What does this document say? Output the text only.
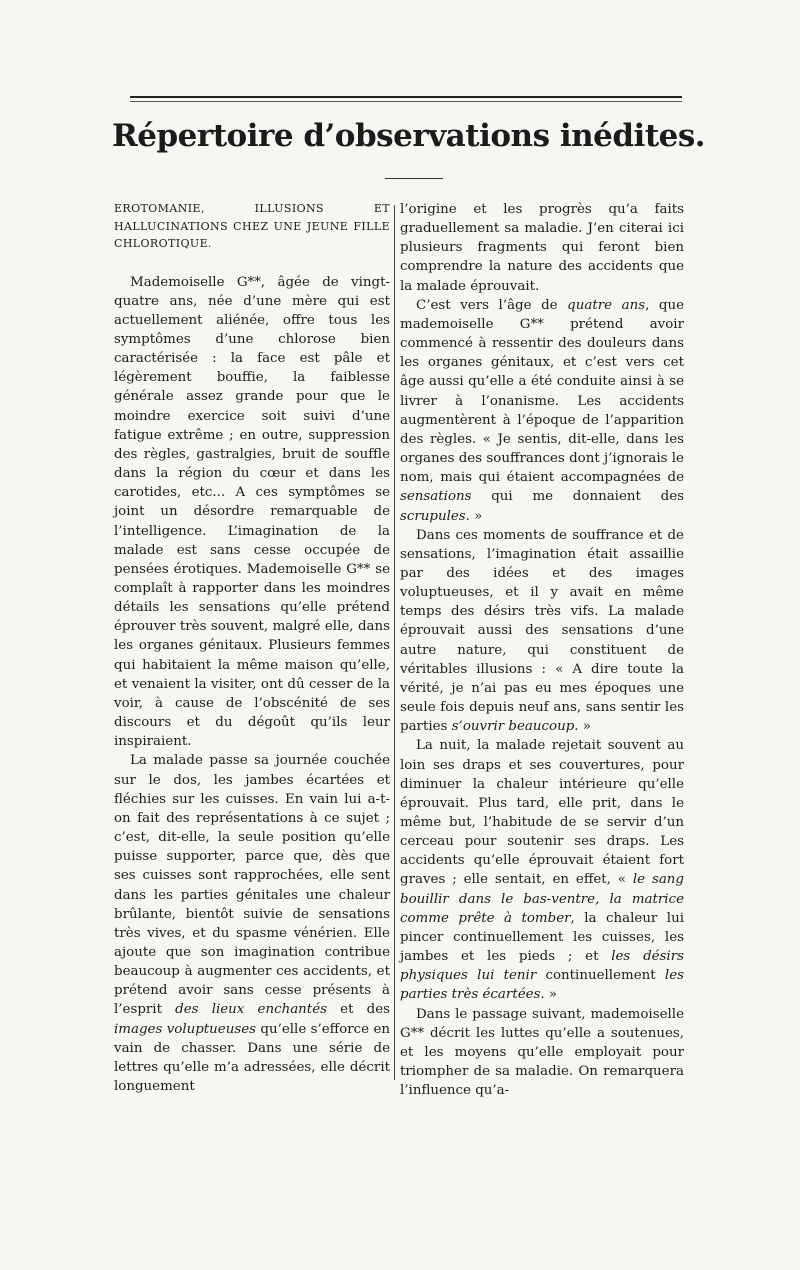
Répertoire d’observations inédites.
EROTOMANIE, ILLUSIONS ET HALLUCINATIONS CHEZ UNE JEUNE FILLE CHLOROTIQUE.

Mademoiselle G**, âgée de vingt-quatre ans, née d’une mère qui est actuellement aliénée, offre tous les symptômes d’une chlorose bien caractérisée : la face est pâle et légèrement bouffie, la faiblesse générale assez grande pour que le moindre exercice soit suivi d’une fatigue extrême ; en outre, suppression des règles, gastralgies, bruit de souffle dans la région du cœur et dans les carotides, etc... A ces symptômes se joint un désordre remarquable de l’intelligence. L’imagination de la malade est sans cesse occupée de pensées érotiques. Mademoiselle G** se complaît à rapporter dans les moindres détails les sensations qu’elle prétend éprouver très souvent, malgré elle, dans les organes génitaux. Plusieurs femmes qui habitaient la même maison qu’elle, et venaient la visiter, ont dû cesser de la voir, à cause de l’obscénité de ses discours et du dégoût qu’ils leur inspiraient.

La malade passe sa journée couchée sur le dos, les jambes écartées et fléchies sur les cuisses. En vain lui a-t-on fait des représentations à ce sujet ; c’est, dit-elle, la seule position qu’elle puisse supporter, parce que, dès que ses cuisses sont rapprochées, elle sent dans les parties génitales une chaleur brûlante, bientôt suivie de sensations très vives, et du spasme vénérien. Elle ajoute que son imagination contribue beaucoup à augmenter ces accidents, et prétend avoir sans cesse présents à l’esprit des lieux enchantés et des images voluptueuses qu’elle s’efforce en vain de chasser. Dans une série de lettres qu’elle m’a adressées, elle décrit longuement

l’origine et les progrès qu’a faits graduellement sa maladie. J’en citerai ici plusieurs fragments qui feront bien comprendre la nature des accidents que la malade éprouvait.

C’est vers l’âge de quatre ans, que mademoiselle G** prétend avoir commencé à ressentir des douleurs dans les organes génitaux, et c’est vers cet âge aussi qu’elle a été conduite ainsi à se livrer à l’onanisme. Les accidents augmentèrent à l’époque de l’apparition des règles. « Je sentis, dit-elle, dans les organes des souffrances dont j’ignorais le nom, mais qui étaient accompagnées de sensations qui me donnaient des scrupules. »

Dans ces moments de souffrance et de sensations, l’imagination était assaillie par des idées et des images voluptueuses, et il y avait en même temps des désirs très vifs. La malade éprouvait aussi des sensations d’une autre nature, qui constituent de véritables illusions : « A dire toute la vérité, je n’ai pas eu mes époques une seule fois depuis neuf ans, sans sentir les parties s’ouvrir beaucoup. »

La nuit, la malade rejetait souvent au loin ses draps et ses couvertures, pour diminuer la chaleur intérieure qu’elle éprouvait. Plus tard, elle prit, dans le même but, l’habitude de se servir d’un cerceau pour soutenir ses draps. Les accidents qu’elle éprouvait étaient fort graves ; elle sentait, en effet, « le sang bouillir dans le bas-ventre, la matrice comme prête à tomber, la chaleur lui pincer continuellement les cuisses, les jambes et les pieds ; et les désirs physiques lui tenir continuellement les parties très écartées. »

Dans le passage suivant, mademoiselle G** décrit les luttes qu’elle a soutenues, et les moyens qu’elle employait pour triompher de sa maladie. On remarquera l’influence qu’a-
